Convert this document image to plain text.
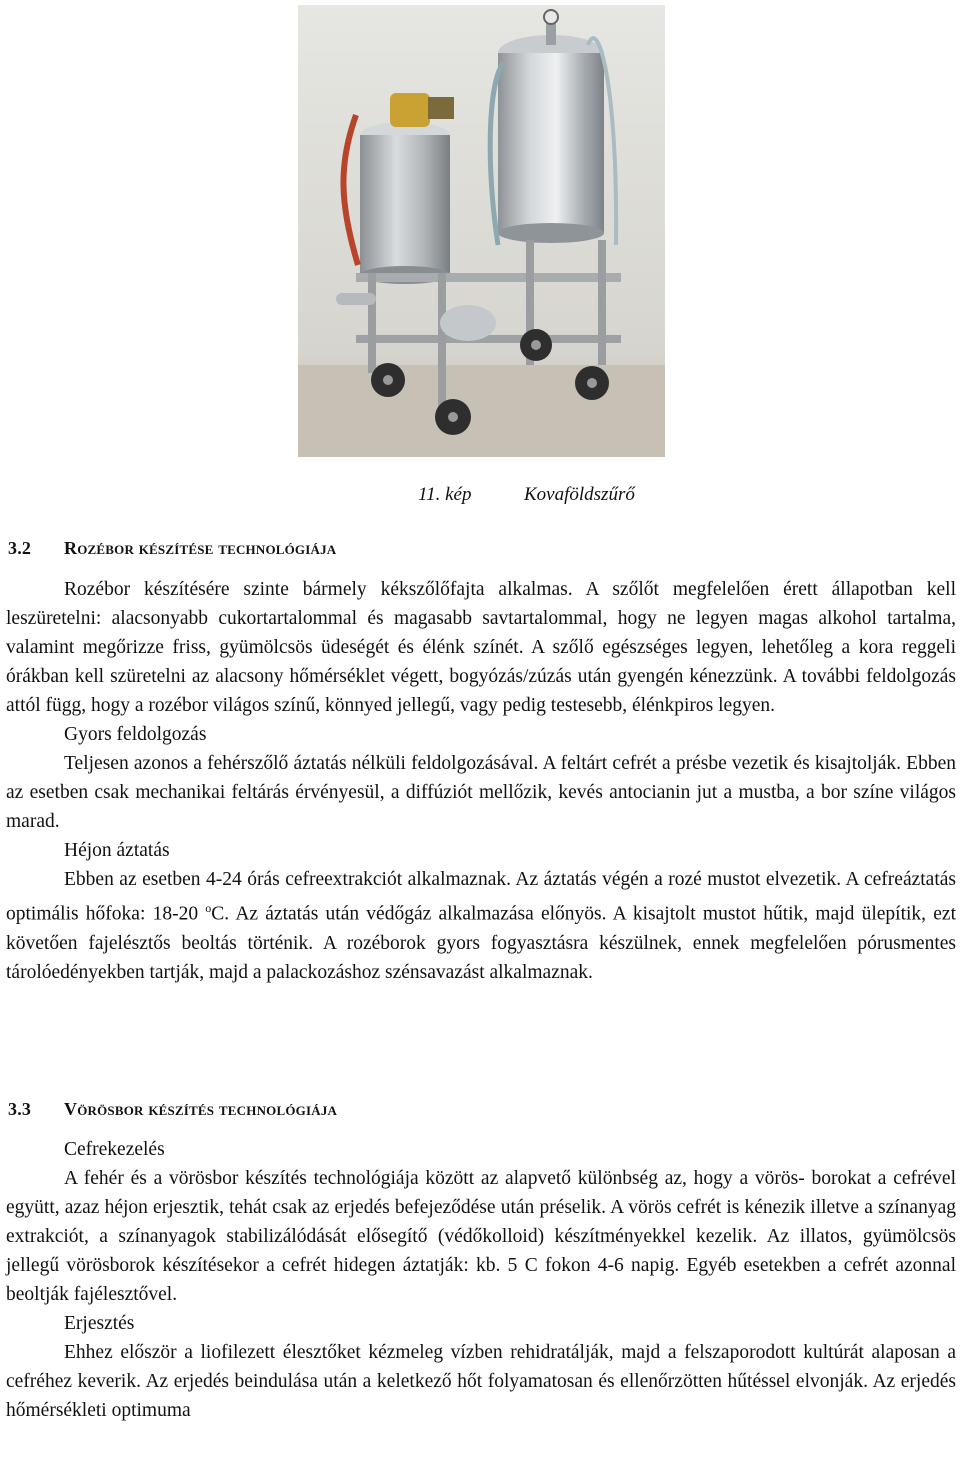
11. kép	Kovaföldszűrő
3.2 Rozébor készítése technológiája

Rozébor készítésére szinte bármely kékszőlőfajta alkalmas. A szőlőt megfelelően érett állapotban kell leszüretelni: alacsonyabb cukortartalommal és magasabb savtartalommal, hogy ne legyen magas alkohol tartalma, valamint megőrizze friss, gyümölcsös üdeségét és élénk színét. A szőlő egészséges legyen, lehetőleg a kora reggeli órákban kell szüretelni az alacsony hőmérséklet végett, bogyózás/zúzás után gyengén kénezzünk. A további feldolgozás attól függ, hogy a rozébor világos színű, könnyed jellegű, vagy pedig testesebb, élénkpiros legyen.

Gyors feldolgozás

Teljesen azonos a fehérszőlő áztatás nélküli feldolgozásával. A feltárt cefrét a présbe vezetik és kisajtolják. Ebben az esetben csak mechanikai feltárás érvényesül, a diffúziót mellőzik, kevés antocianin jut a mustba, a bor színe világos marad.

Héjon áztatás

Ebben az esetben 4-24 órás cefreextrakciót alkalmaznak. Az áztatás végén a rozé mustot elvezetik. A cefreáztatás optimális hőfoka: 18-20 $^o$C. Az áztatás után védőgáz alkalmazása előnyös. A kisajtolt mustot hűtik, majd ülepítik, ezt követően fajelésztős beoltás történik. A rozéborok gyors fogyasztásra készülnek, ennek megfelelően pórusmentes tárolóedényekben tartják, majd a palackozáshoz szénsavazást alkalmaznak.

3.3 Vörösbor készítés technológiája
Cefrekezelés

A fehér és a vörösbor készítés technológiája között az alapvető különbség az, hogy a vörös- borokat a cefrével együtt, azaz héjon erjesztik, tehát csak az erjedés befejeződése után préselik. A vörös cefrét is kénezik illetve a színanyag extrakciót, a színanyagok stabilizálódását elősegítő (védőkolloid) készítményekkel kezelik. Az illatos, gyümölcsös jellegű vörösborok készítésekor a cefrét hidegen áztatják: kb. 5 C fokon 4-6 napig. Egyéb esetekben a cefrét azonnal beoltják fajélesztővel.

Erjesztés

Ehhez először a liofilezett élesztőket kézmeleg vízben rehidratálják, majd a felszaporodott kultúrát alaposan a cefréhez keverik. Az erjedés beindulása után a keletkező hőt folyamatosan és ellenőrzötten hűtéssel elvonják. Az erjedés hőmérsékleti optimuma
